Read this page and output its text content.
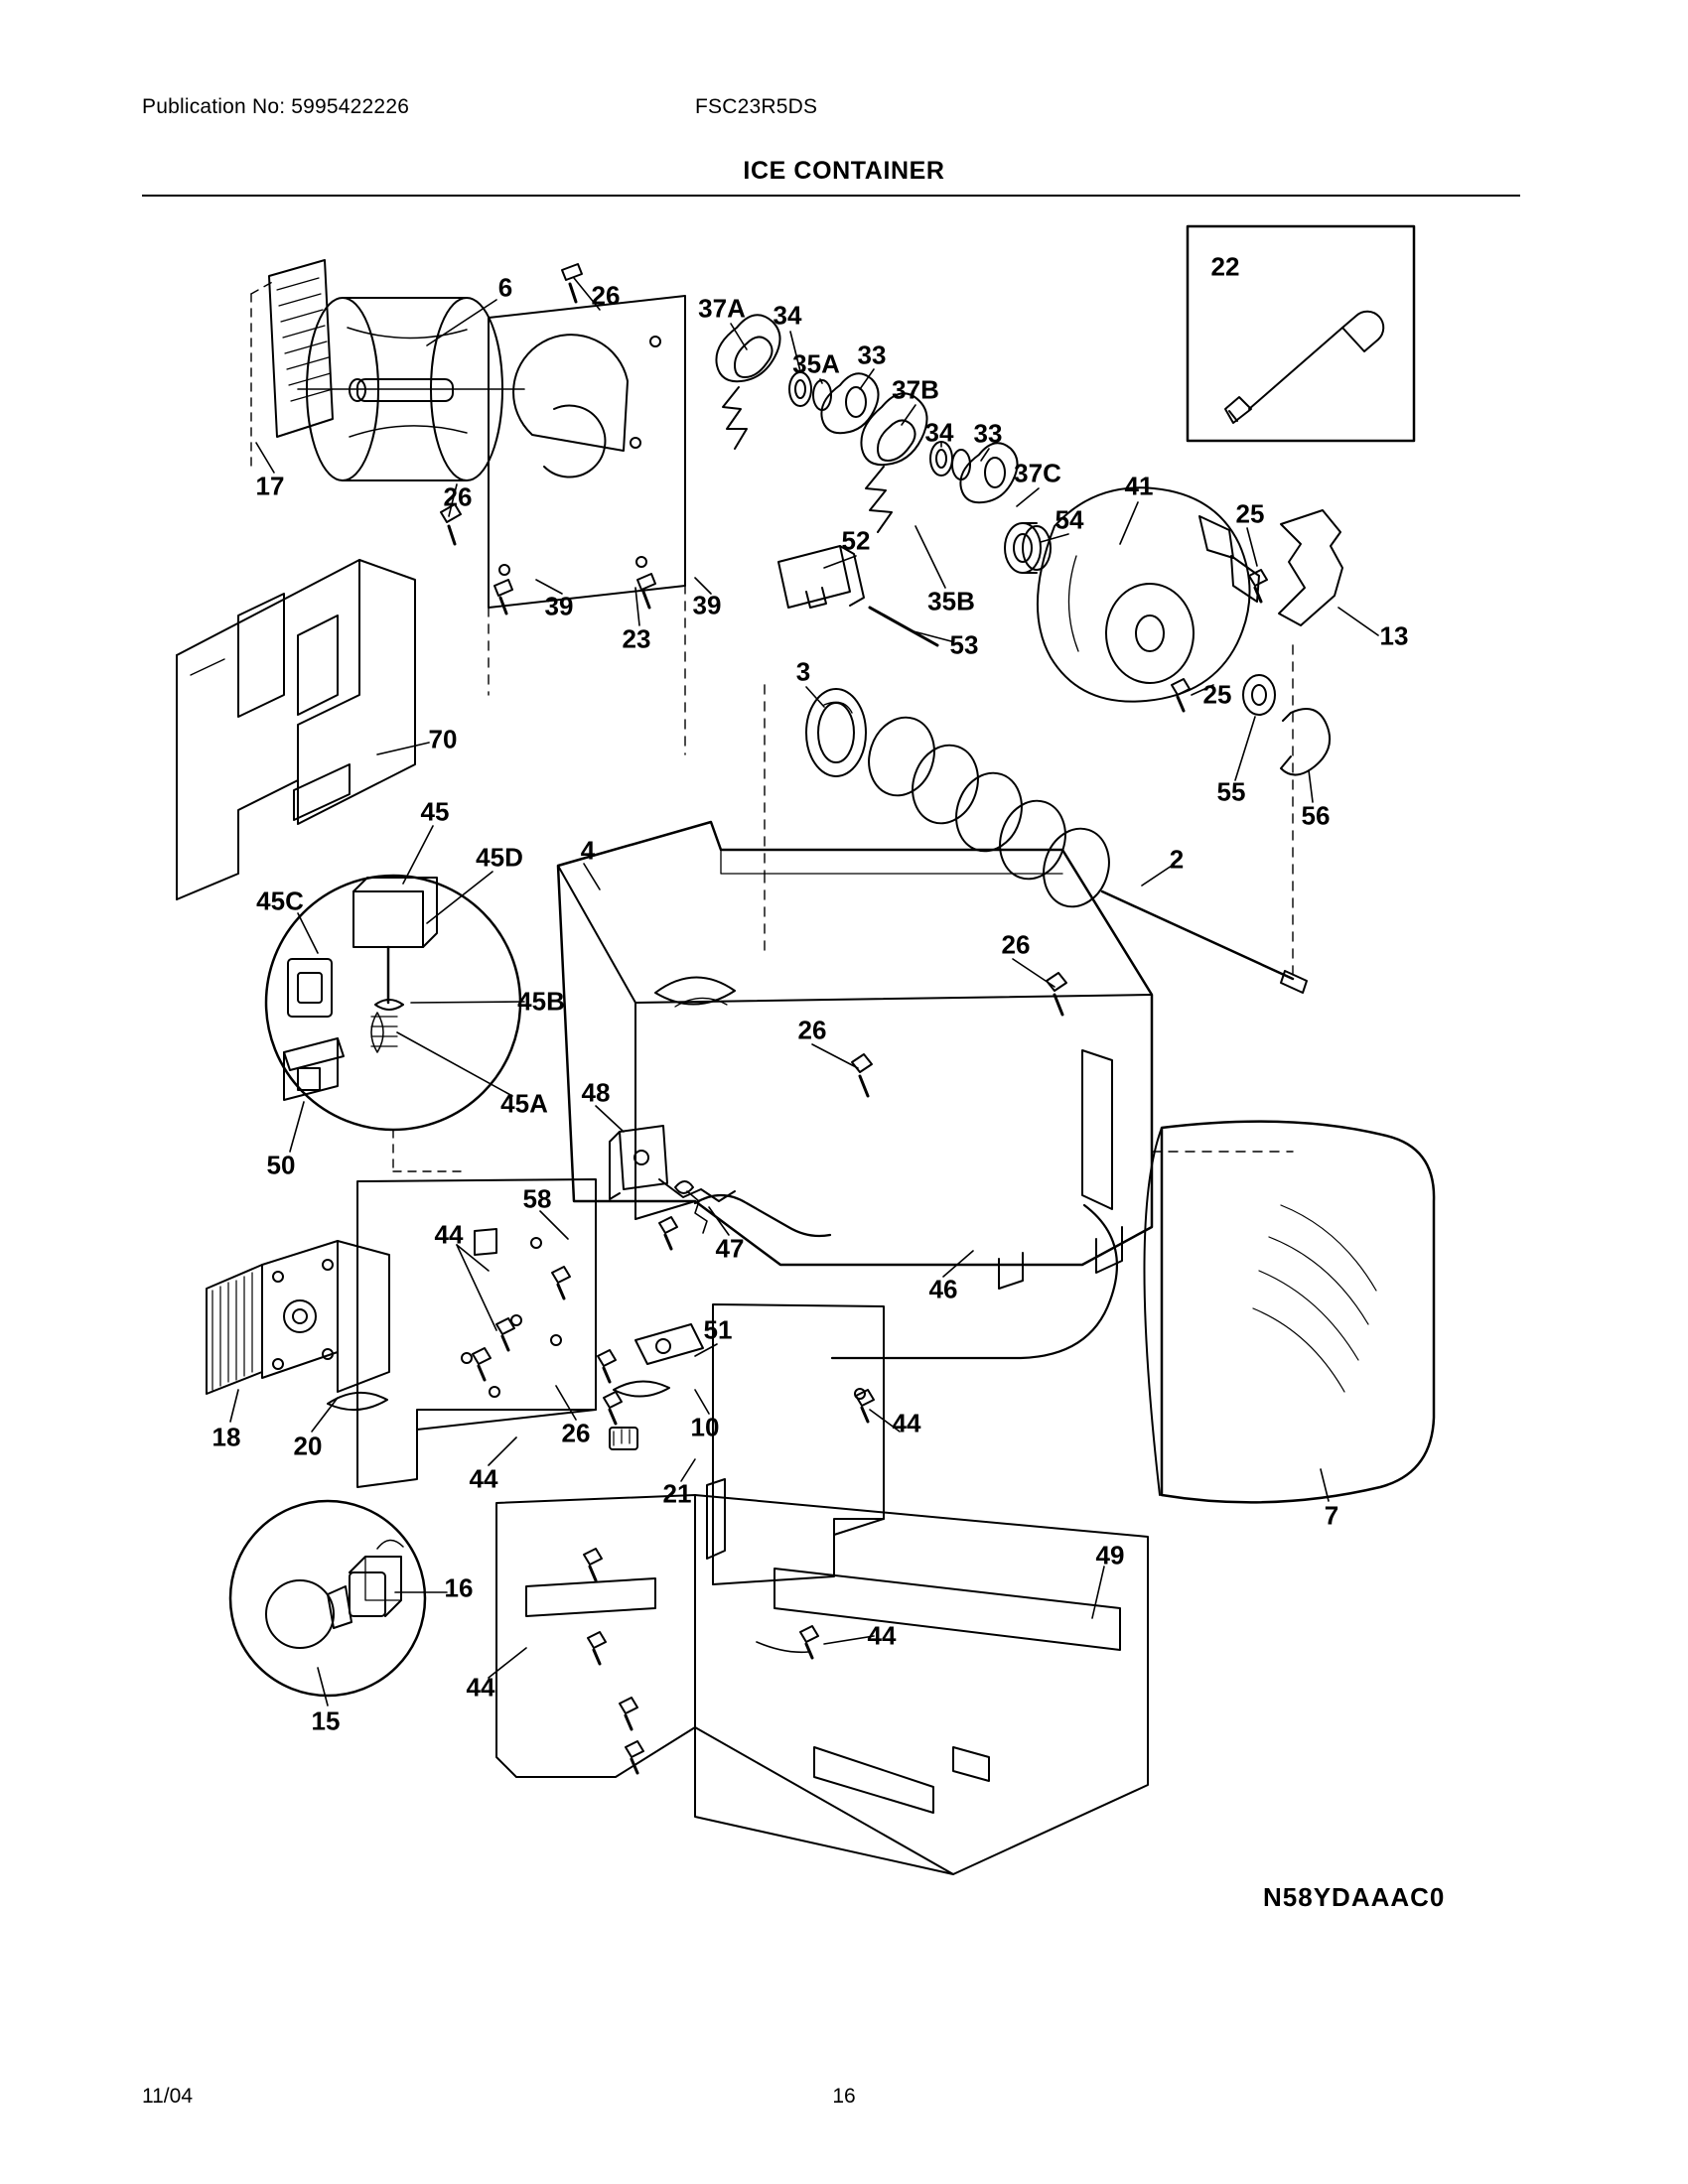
Publication No: 5995422226	FSC23R5DS
ICE CONTAINER
6	26	37A 34
35A 33
37B
34 33
37C 41
25
54
17	26
52
35B
39
13
39
23	53
3
25
55
56
70
2
45
45D 4
45C
45B
26
26
45A
50
48
58
44	47
46
51
18 20	26	10	44
7
44	21
49
16
44
44
15
22
N58YDAAAC0
11/04	16
